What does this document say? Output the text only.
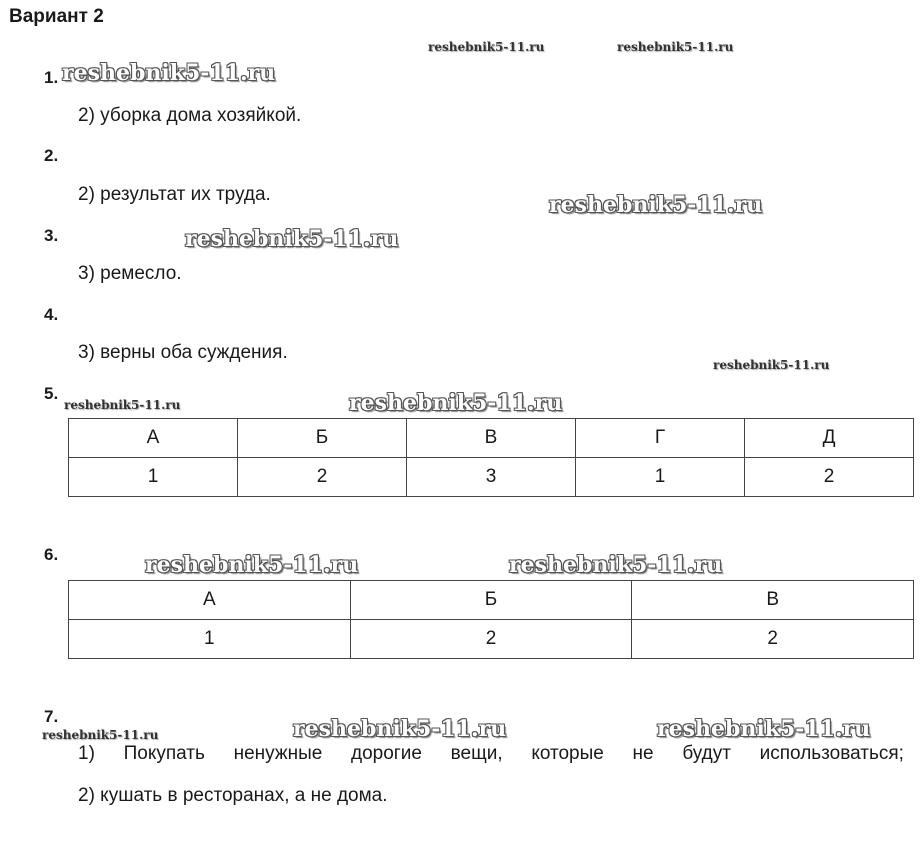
Вариант 2
reshebnik5-11.ru	reshebnik5-11.ru
1. reshebnik5-11.ru
2) уборка дома хозяйкой.
2.
2) результат их труда.	reshebnik5-11.ru
3.	reshebnik5-11.ru
3) ремесло.
4.
3) верны оба суждения.
reshebnik5-11.ru
5.
reshebnik5-11.ru	reshebnik5-11.ru
А	Б	В	Г	Д
1	2	3	1	2
6.	reshebnik5-11.ru	reshebnik5-11.ru
А	Б	В
1	2	2
7.
reshebnik5-11.ru	reshebnik5-11.ru	reshebnik5-11.ru
1) Покупать ненужные дорогие вещи, которые не будут использоваться;
2) кушать в ресторанах, а не дома.
